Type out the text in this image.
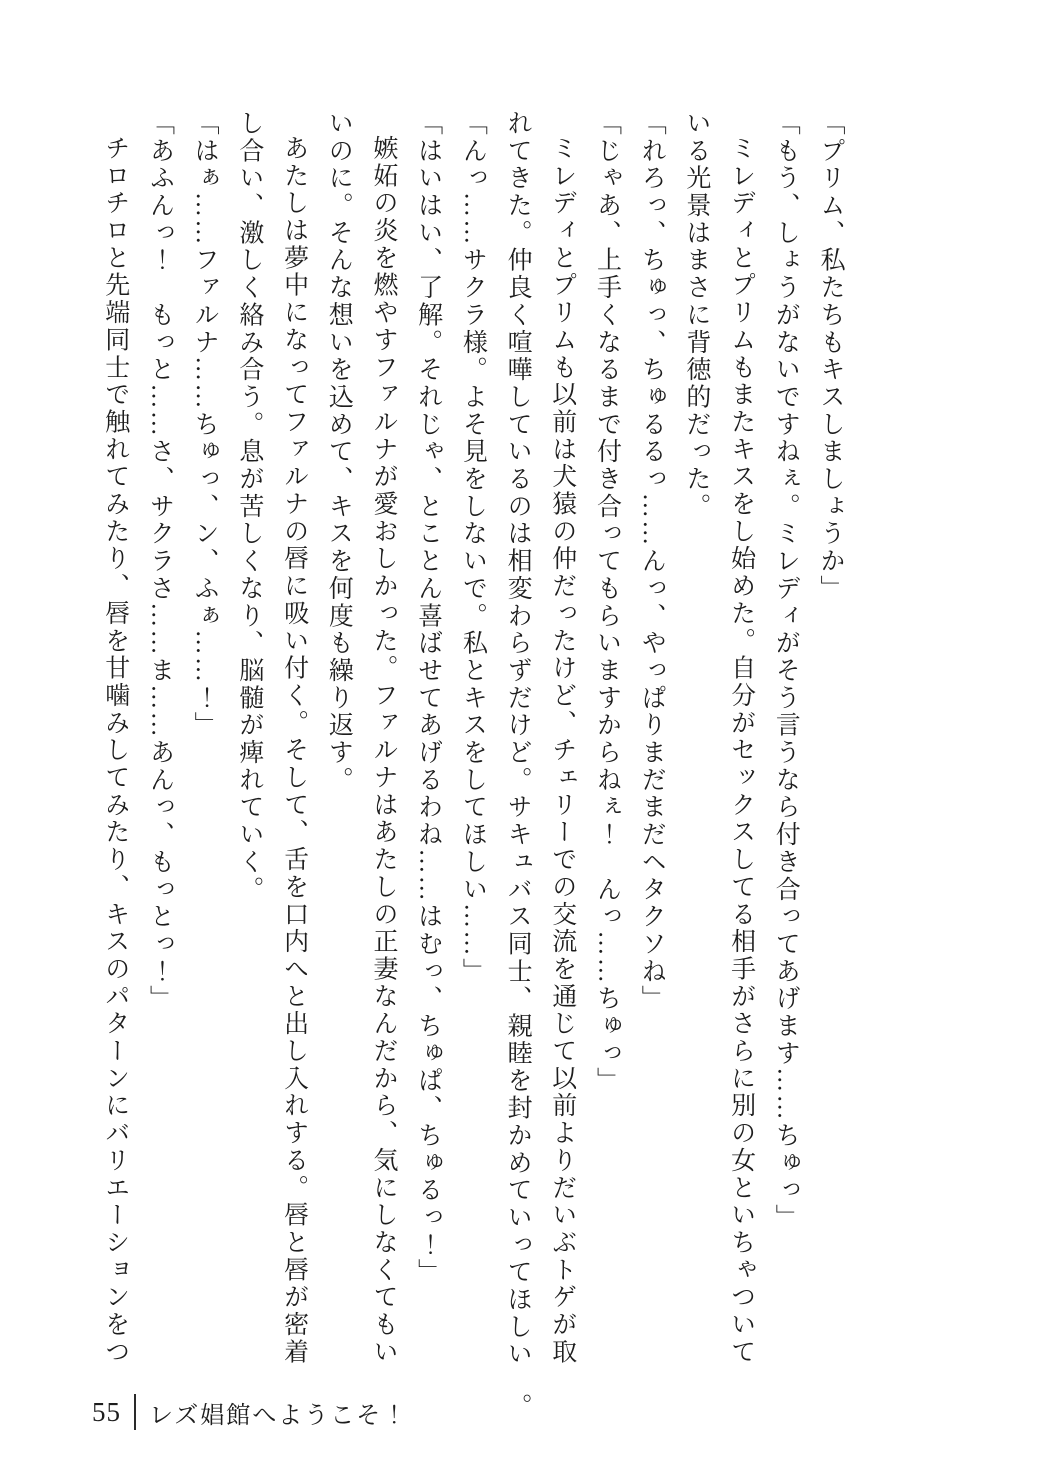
「プリム、私たちもキスしましょうか」

「もう、しょうがないですねぇ。ミレディがそう言うなら付き合ってあげます……ちゅっ」

ミレディとプリムもまたキスをし始めた。自分がセックスしてる相手がさらに別の女といちゃついている光景はまさに背徳的だった。

「れろっ、ちゅっ、ちゅるるっ……んっ、やっぱりまだまだヘタクソね」

「じゃあ、上手くなるまで付き合ってもらいますからねぇ！　んっ……ちゅっ」

ミレディとプリムも以前は犬猿の仲だったけど、チェリーでの交流を通じて以前よりだいぶトゲが取れてきた。仲良く喧嘩しているのは相変わらずだけど。サキュバス同士、親睦を封かめていってほしい。

「んっ……サクラ様。よそ見をしないで。私とキスをしてほしい……」

「はいはい、了解。それじゃ、とことん喜ばせてあげるわね……はむっ、ちゅぱ、ちゅるっ！」

嫉妬の炎を燃やすファルナが愛おしかった。ファルナはあたしの正妻なんだから、気にしなくてもいいのに。そんな想いを込めて、キスを何度も繰り返す。

あたしは夢中になってファルナの唇に吸い付く。そして、舌を口内へと出し入れする。唇と唇が密着し合い、激しく絡み合う。息が苦しくなり、脳髄が痺れていく。

「はぁ……ファルナ……ちゅっ、ン、ふぁ……！」

「あふんっ！　もっと……さ、サクラさ……ま……あんっ、もっとっ！」

チロチロと先端同士で触れてみたり、唇を甘噛みしてみたり、キスのパターンにバリエーションをつ

55 レズ娼館へようこそ！
